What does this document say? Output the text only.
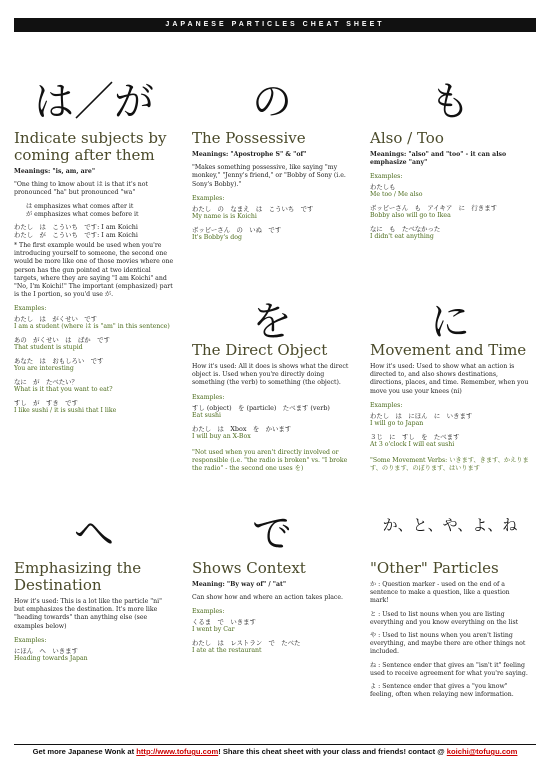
JAPANESE PARTICLES CHEAT SHEET
は／が	の	も
を	に
へ	で	か、と、や、よ、ね
Indicate subjects by coming after them
Meanings: "is, am, are"
"One thing to know about は is that it's not pronounced "ha" but pronounced "wa"
は emphasizes what comes after it
が emphasizes what comes before it
わたし　は　こういち　です: I am Koichi
わたし　が　こういち　です: I am Koichi
* The first example would be used when you're introducing yourself to someone, the second one would be more like one of those movies where one person has the gun pointed at two identical targets, where they are saying "I am Koichi" and "No, I'm Koichi!" The important (emphasized) part is the I portion, so you'd use が.
Examples:
わたし　は　がくせい　です
I am a student (where は is "am" in this sentence)
あの　がくせい　は　ばか　です
That student is stupid
あなた　は　おもしろい　です
You are interesting
なに　が　たべたい？
What is it that you want to eat?
すし　が　すき　です
I like sushi / it is sushi that I like
The Possessive
Meanings: "Apostrophe S" & "of"
"Makes something possessive, like saying "my monkey," "Jenny's friend," or "Bobby of Sony (i.e. Sony's Bobby)."
Examples:
わたし　の　なまえ　は　こういち　です
My name is is Koichi
ボッビーさん　の　いぬ　です
It's Bobby's dog
Also / Too
Meanings: "also" and "too" - it can also emphasize "any"
Examples:
わたしも
Me too / Me also
ボッビーさん　も　アイキア　に　行きます
Bobby also will go to Ikea
なに　も　たべなかった
I didn't eat anything
The Direct Object
How it's used: All it does is shows what the direct object is. Used when you're directly doing something (the verb) to something (the object).
Examples:
すし (object)　を (particle)　たべます (verb)
Eat sushi
わたし　は　Xbox　を　かいます
I will buy an X-Box
"Not used when you aren't directly involved or responsible (i.e. "the radio is broken" vs. "I broke the radio" - the second one uses を)
Movement and Time
How it's used: Used to show what an action is directed to, and also shows destinations, directions, places, and time. Remember, when you move you use your knees (ni)
Examples:
わたし　は　にほん　に　いきます
I will go to Japan
３じ　に　すし　を　たべます
At 3 o'clock I will eat sushi
"Some Movement Verbs: いきます、きます、かえります、のります、のぼります、はいります
Emphasizing the Destination
How it's used: This is a lot like the particle "ni" but emphasizes the destination. It's more like "heading towards" than anything else (see examples below)
Examples:
にほん　へ　いきます
Heading towards Japan
Shows Context
Meaning: "By way of" / "at"
Can show how and where an action takes place.
Examples:
くるま　で　いきます
I went by Car
わたし　は　レストラン　で　たべた
I ate at the restaurant
"Other" Particles
か : Question marker - used on the end of a sentence to make a question, like a question mark!
と : Used to list nouns when you are listing everything and you know everything on the list
や : Used to list nouns when you aren't listing everything, and maybe there are other things not included.
ね : Sentence ender that gives an "isn't it" feeling used to receive agreement for what you're saying.
よ : Sentence ender that gives a "you know" feeling, often when relaying new information.
Get more Japanese Wonk at http://www.tofugu.com! Share this cheat sheet with your class and friends! contact @ koichi@tofugu.com
